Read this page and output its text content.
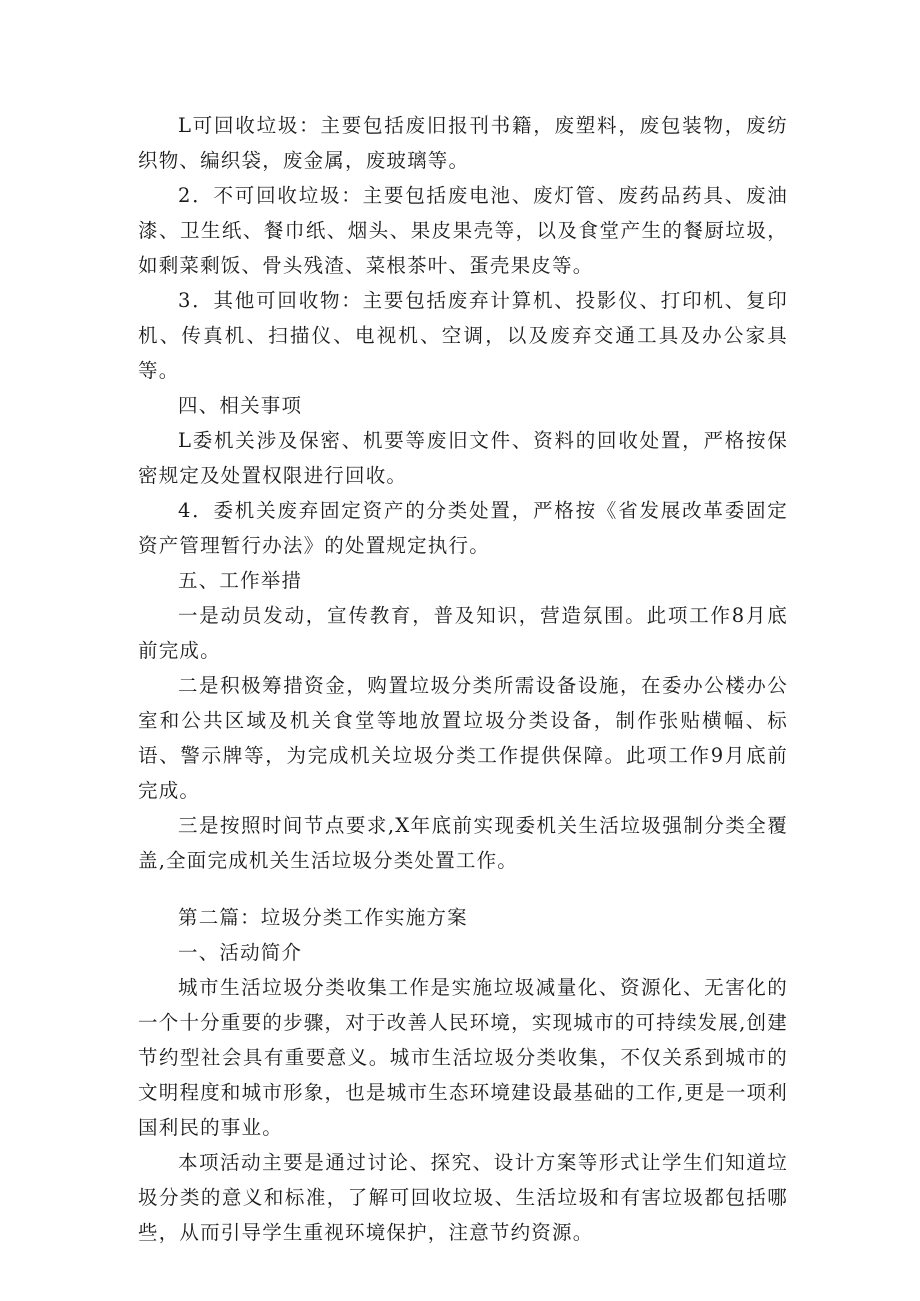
L可回收垃圾：主要包括废旧报刊书籍，废塑料，废包装物，废纺织物、编织袋，废金属，废玻璃等。

2．不可回收垃圾：主要包括废电池、废灯管、废药品药具、废油漆、卫生纸、餐巾纸、烟头、果皮果壳等，以及食堂产生的餐厨垃圾，如剩菜剩饭、骨头残渣、菜根茶叶、蛋壳果皮等。

3．其他可回收物：主要包括废弃计算机、投影仪、打印机、复印机、传真机、扫描仪、电视机、空调，以及废弃交通工具及办公家具等。

四、相关事项

L委机关涉及保密、机要等废旧文件、资料的回收处置，严格按保密规定及处置权限进行回收。

4．委机关废弃固定资产的分类处置，严格按《省发展改革委固定资产管理暂行办法》的处置规定执行。

五、工作举措

一是动员发动，宣传教育，普及知识，营造氛围。此项工作8月底前完成。

二是积极筹措资金，购置垃圾分类所需设备设施，在委办公楼办公室和公共区域及机关食堂等地放置垃圾分类设备，制作张贴横幅、标语、警示牌等，为完成机关垃圾分类工作提供保障。此项工作9月底前完成。

三是按照时间节点要求,X年底前实现委机关生活垃圾强制分类全覆盖,全面完成机关生活垃圾分类处置工作。

第二篇：垃圾分类工作实施方案

一、活动简介

城市生活垃圾分类收集工作是实施垃圾减量化、资源化、无害化的一个十分重要的步骤，对于改善人民环境，实现城市的可持续发展,创建节约型社会具有重要意义。城市生活垃圾分类收集，不仅关系到城市的文明程度和城市形象，也是城市生态环境建设最基础的工作,更是一项利国利民的事业。

本项活动主要是通过讨论、探究、设计方案等形式让学生们知道垃圾分类的意义和标准，了解可回收垃圾、生活垃圾和有害垃圾都包括哪些，从而引导学生重视环境保护，注意节约资源。
